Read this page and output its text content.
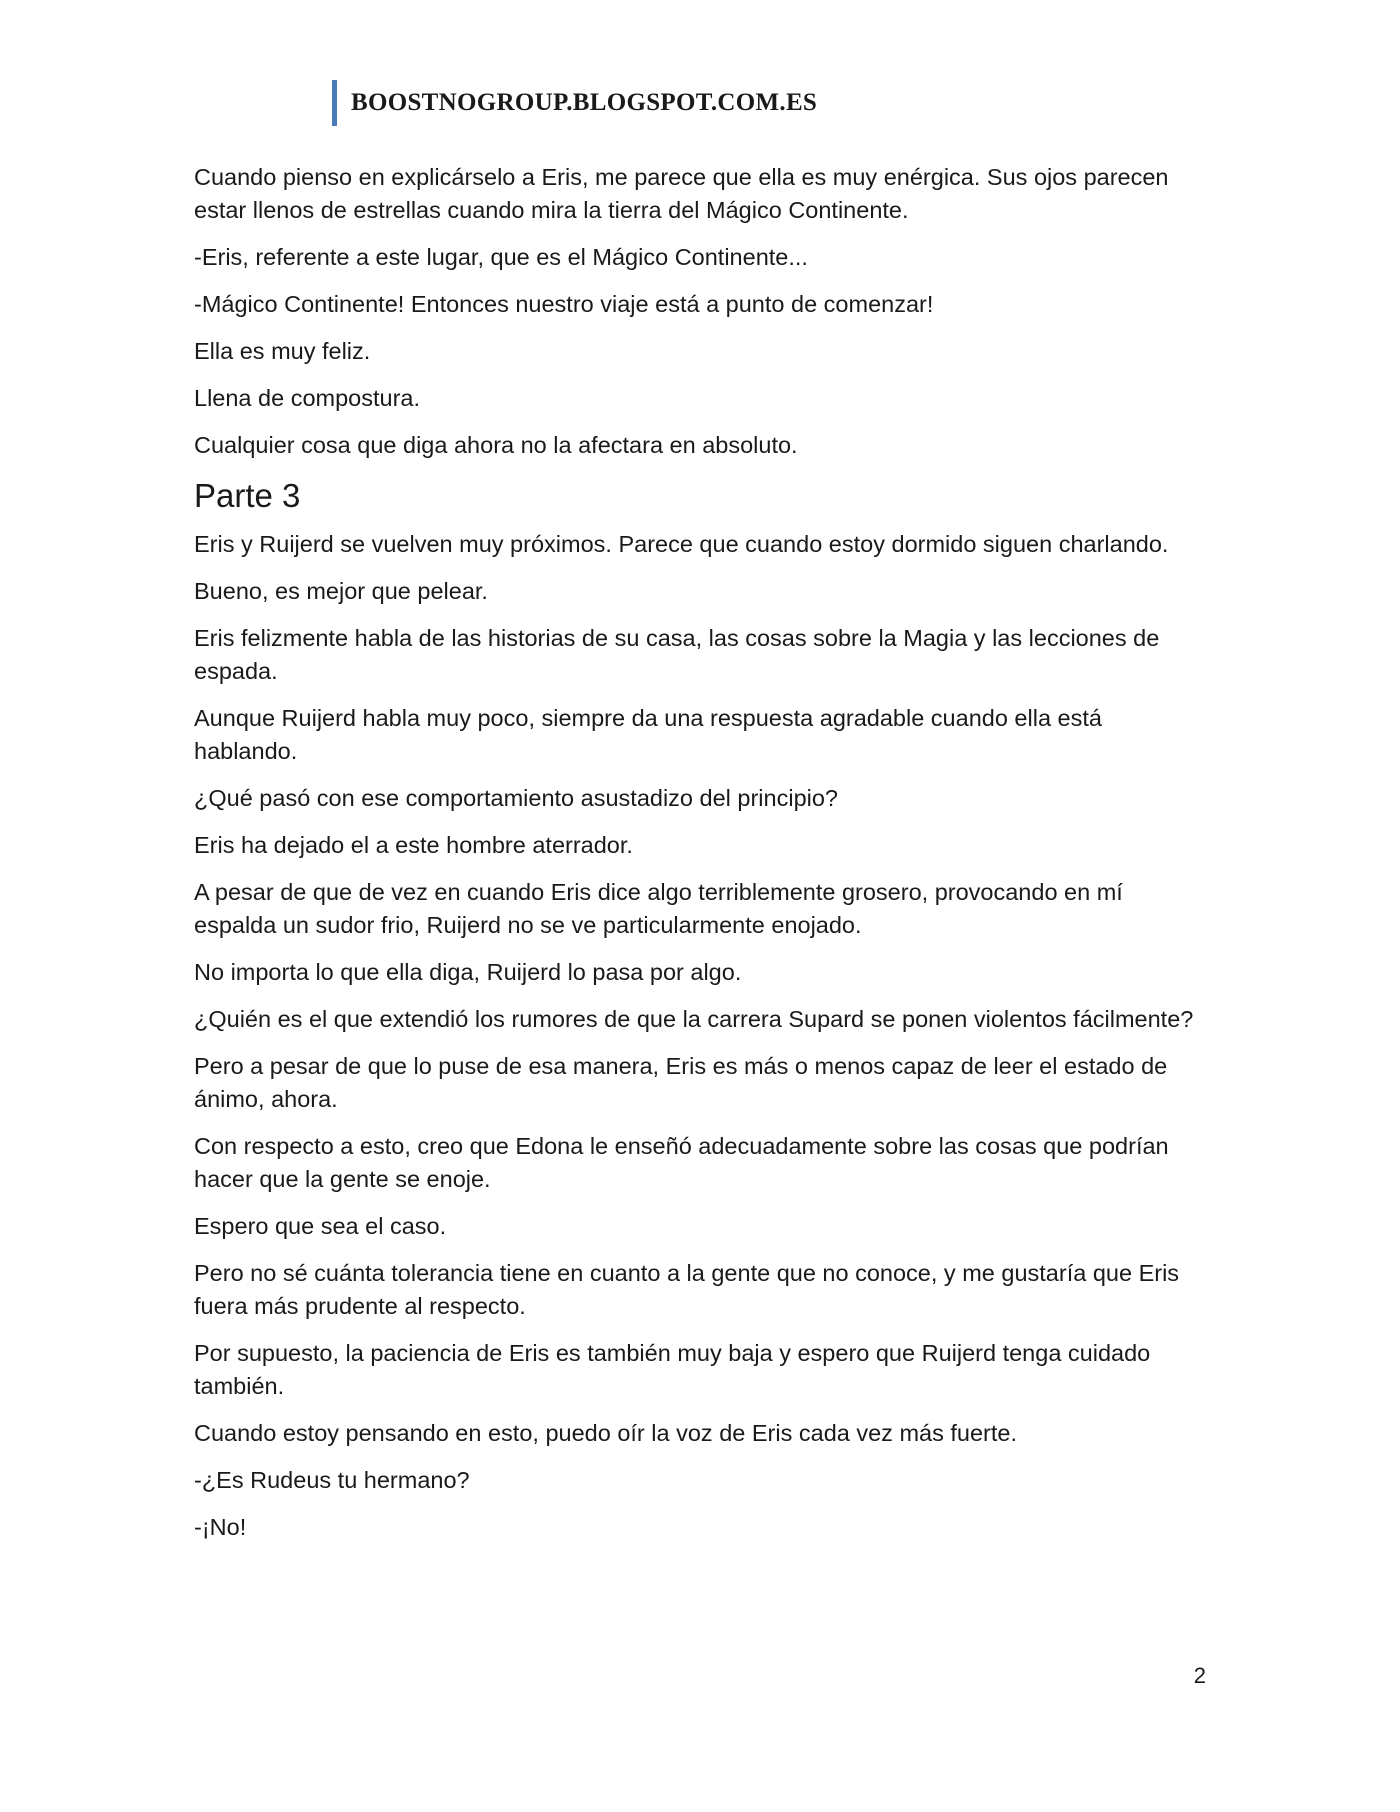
BOOSTNOGROUP.BLOGSPOT.COM.ES

Cuando pienso en explicárselo a Eris, me parece que ella es muy enérgica. Sus ojos parecen estar llenos de estrellas cuando mira la tierra del Mágico Continente.

-Eris, referente a este lugar, que es el Mágico Continente...

-Mágico Continente! Entonces nuestro viaje está a punto de comenzar!

Ella es muy feliz.

Llena de compostura.

Cualquier cosa que diga ahora no la afectara en absoluto.

Parte 3

Eris y Ruijerd se vuelven muy próximos. Parece que cuando estoy dormido siguen charlando.

Bueno, es mejor que pelear.

Eris felizmente habla de las historias de su casa, las cosas sobre la Magia y las lecciones de espada.

Aunque Ruijerd habla muy poco, siempre da una respuesta agradable cuando ella está hablando.

¿Qué pasó con ese comportamiento asustadizo del principio?

Eris ha dejado el a este hombre aterrador.

A pesar de que de vez en cuando Eris dice algo terriblemente grosero, provocando en mí espalda un sudor frio, Ruijerd no se ve particularmente enojado.

No importa lo que ella diga, Ruijerd lo pasa por algo.

¿Quién es el que extendió los rumores de que la carrera Supard se ponen violentos fácilmente?

Pero a pesar de que lo puse de esa manera, Eris es más o menos capaz de leer el estado de ánimo, ahora.

Con respecto a esto, creo que Edona le enseñó adecuadamente sobre las cosas que podrían hacer que la gente se enoje.

Espero que sea el caso.

Pero no sé cuánta tolerancia tiene en cuanto a la gente que no conoce, y me gustaría que Eris fuera más prudente al respecto.

Por supuesto, la paciencia de Eris es también muy baja y espero que Ruijerd tenga cuidado también.

Cuando estoy pensando en esto, puedo oír la voz de Eris cada vez más fuerte.

-¿Es Rudeus tu hermano?

-¡No!

2
